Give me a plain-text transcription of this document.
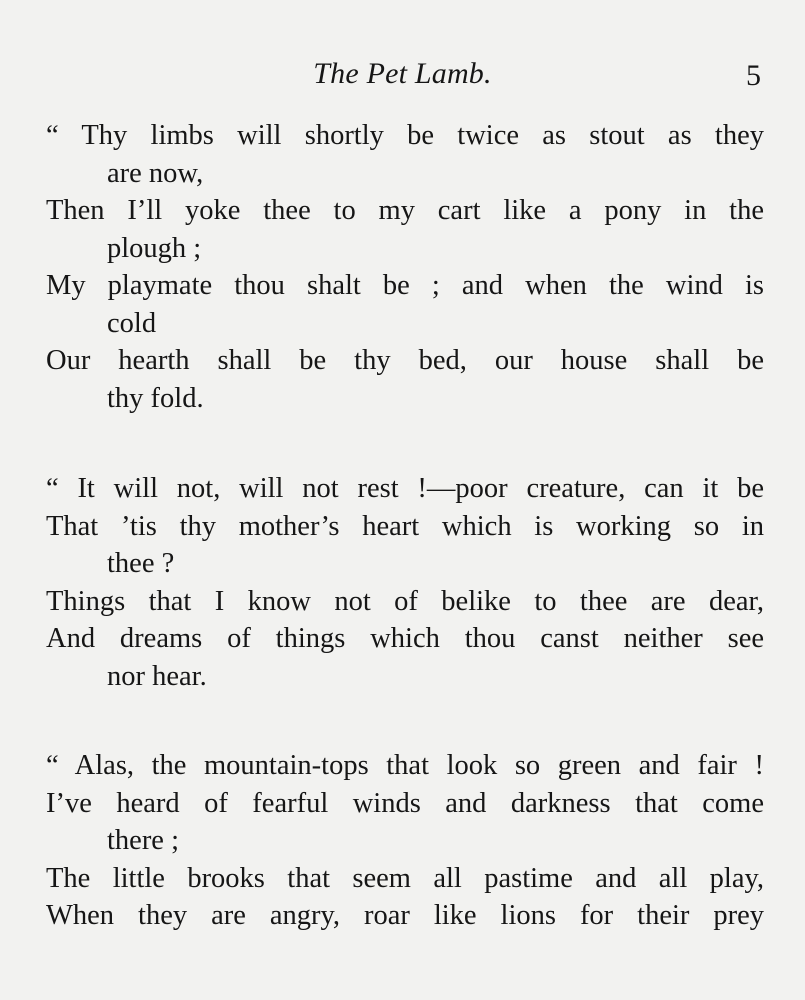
The Pet Lamb.	5
“ Thy limbs will shortly be twice as stout as they
are now,
Then I’ll yoke thee to my cart like a pony in the
plough ;
My playmate thou shalt be ; and when the wind is
cold
Our hearth shall be thy bed, our house shall be
thy fold.
“ It will not, will not rest !—poor creature, can it be
That ’tis thy mother’s heart which is working so in
thee ?
Things that I know not of belike to thee are dear,
And dreams of things which thou canst neither see
nor hear.
“ Alas, the mountain-tops that look so green and fair !
I’ve heard of fearful winds and darkness that come
there ;
The little brooks that seem all pastime and all play,
When they are angry, roar like lions for their prey
